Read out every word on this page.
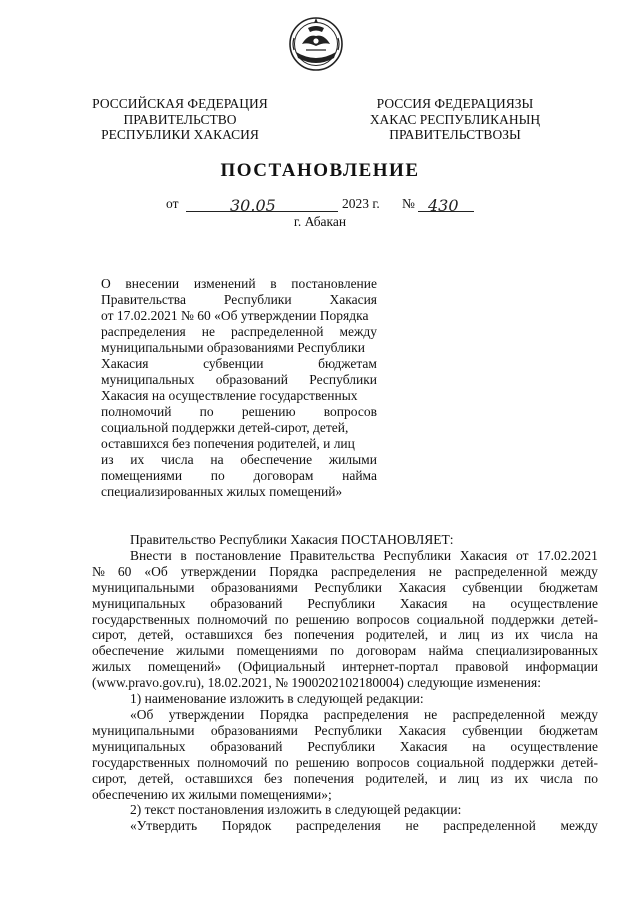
РОССИЙСКАЯ ФЕДЕРАЦИЯ
ПРАВИТЕЛЬСТВО
РЕСПУБЛИКИ ХАКАСИЯ
РОССИЯ ФЕДЕРАЦИЯЗЫ
ХАКАС РЕСПУБЛИКАНЫҢ
ПРАВИТЕЛЬСТВОЗЫ
ПОСТАНОВЛЕНИЕ
от	30.05	2023 г. № 430
г. Абакан
О внесении изменений в постановление
Правительства	Республики	Хакасия
от 17.02.2021 № 60 «Об утверждении Порядка
распределения не распределенной между
муниципальными образованиями Республики
Хакасия	субвенции	бюджетам
муниципальных образований Республики
Хакасия на осуществление государственных
полномочий по решению вопросов
социальной поддержки детей-сирот, детей,
оставшихся без попечения родителей, и лиц
из их числа на обеспечение жилыми
помещениями по договорам найма
специализированных жилых помещений»
Правительство Республики Хакасия ПОСТАНОВЛЯЕТ:
Внести в постановление Правительства Республики Хакасия от 17.02.2021
№ 60 «Об утверждении Порядка распределения не распределенной между
муниципальными образованиями Республики Хакасия субвенции бюджетам
муниципальных образований Республики Хакасия на осуществление
государственных полномочий по решению вопросов социальной поддержки детей-
сирот, детей, оставшихся без попечения родителей, и лиц из их числа на
обеспечение жилыми помещениями по договорам найма специализированных
жилых помещений» (Официальный интернет-портал правовой информации
(www.pravo.gov.ru), 18.02.2021, № 1900202102180004) следующие изменения:
1) наименование изложить в следующей редакции:
«Об утверждении Порядка распределения не распределенной между
муниципальными образованиями Республики Хакасия субвенции бюджетам
муниципальных образований Республики Хакасия на осуществление
государственных полномочий по решению вопросов социальной поддержки детей-
сирот, детей, оставшихся без попечения родителей, и лиц из их числа по
обеспечению их жилыми помещениями»;
2) текст постановления изложить в следующей редакции:
«Утвердить Порядок распределения не распределенной между
